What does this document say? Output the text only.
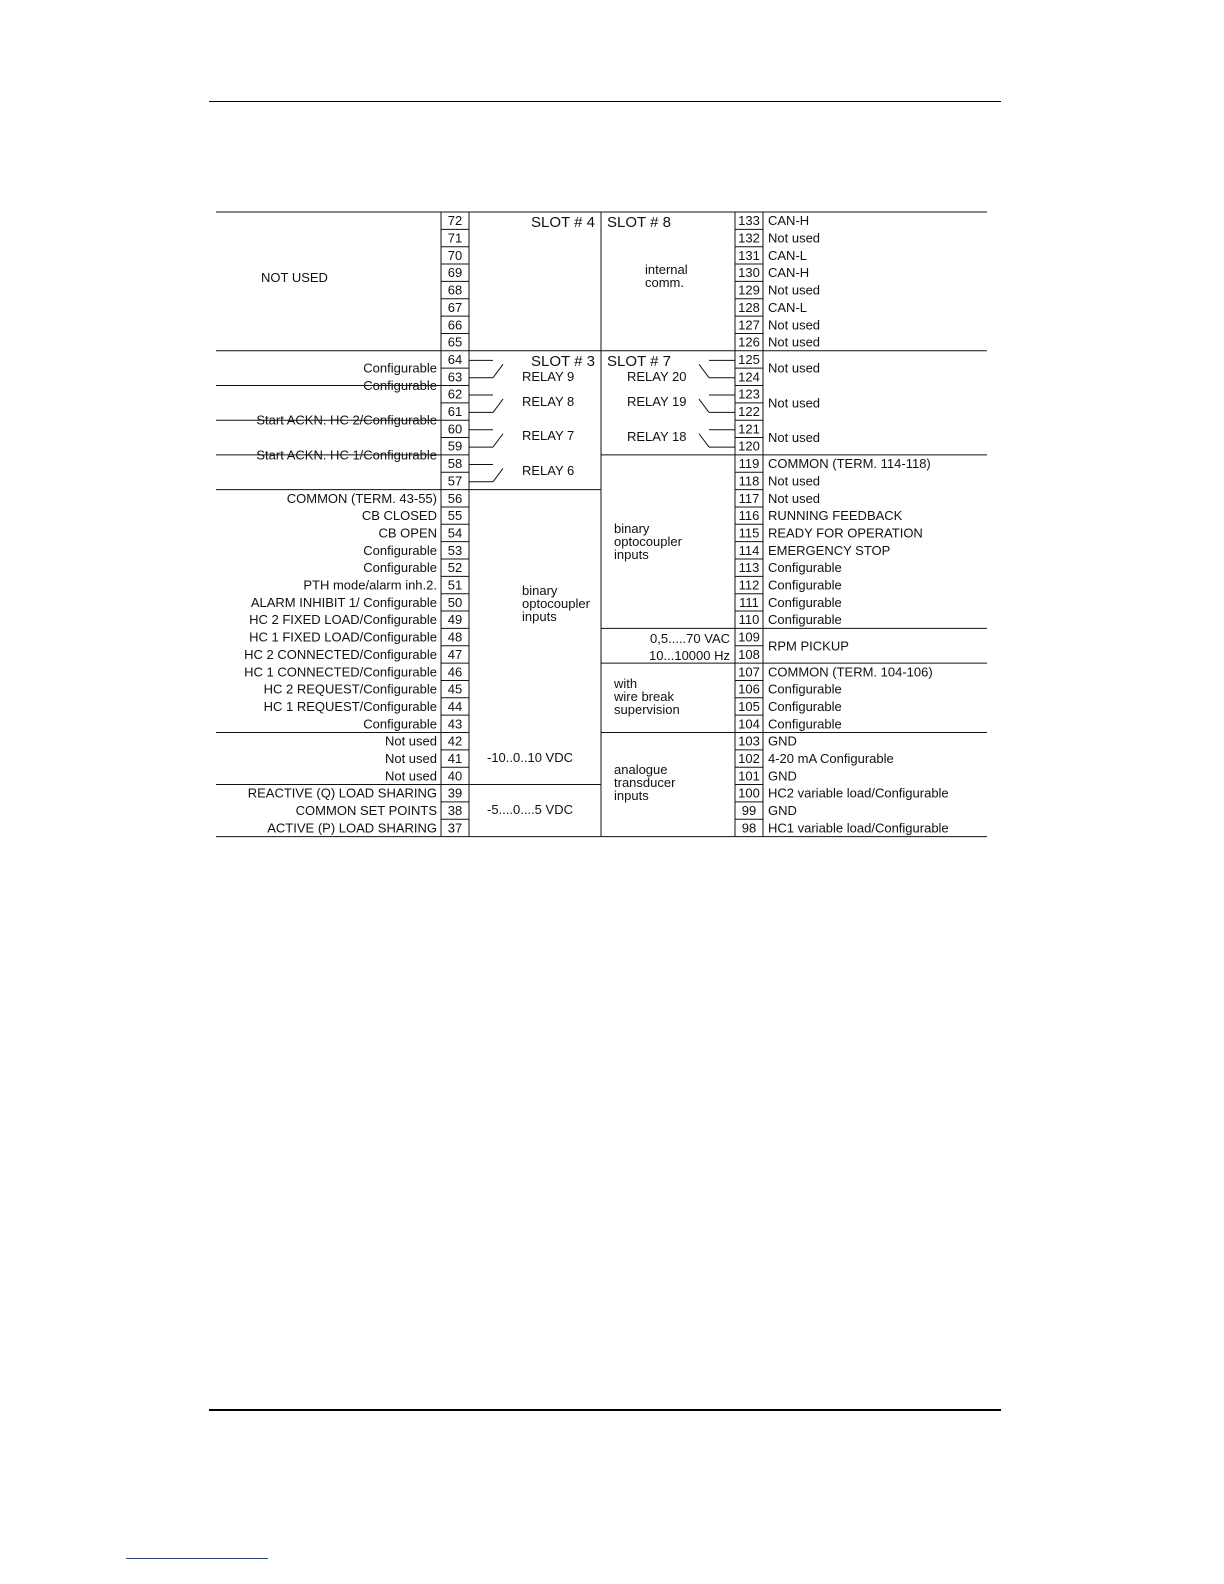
72
71
70
69
68
67
66
65
64
63
Configurable
62
Configurable
61
60
Start ACKN. HC 2/Configurable
59
58
Start ACKN. HC 1/Configurable
57
56
COMMON (TERM. 43-55)
55
CB CLOSED
54
CB OPEN
53
Configurable
52
Configurable
51
PTH mode/alarm inh.2.
50
ALARM INHIBIT 1/ Configurable
49
HC 2 FIXED LOAD/Configurable
48
HC 1 FIXED LOAD/Configurable
47
HC 2 CONNECTED/Configurable
46
HC 1 CONNECTED/Configurable
45
HC 2 REQUEST/Configurable
44
HC 1 REQUEST/Configurable
43
Configurable
42
Not used
41
Not used
40
Not used
39
REACTIVE (Q) LOAD SHARING
38
COMMON SET POINTS
37
ACTIVE (P) LOAD SHARING
133 CAN-H
132 Not used
131 CAN-L
130 CAN-H
129 Not used
128 CAN-L
127 Not used
126 Not used
125
Not used
124
123
Not used
122
121
Not used
120
119 COMMON (TERM. 114-118)
118 Not used
117 Not used
116 RUNNING FEEDBACK
115 READY FOR OPERATION
114 EMERGENCY STOP
113 Configurable
112 Configurable
111 Configurable
110 Configurable
109
RPM PICKUP
108
107 COMMON (TERM. 104-106)
106 Configurable
105 Configurable
104 Configurable
103 GND
102 4-20 mA Configurable
101 GND
100 HC2 variable load/Configurable
99 GND
98 HC1 variable load/Configurable
NOT USED
SLOT # 4 SLOT # 8
SLOT # 3 SLOT # 7
internal
comm.
RELAY 9
RELAY 8
RELAY 7
RELAY 6
RELAY 20
RELAY 19
RELAY 18
binary
optocoupler
inputs
binary
optocoupler
inputs
0,5.....70 VAC
10...10000 Hz
with
wire break
supervision
-10..0..10 VDC
-5....0....5 VDC
analogue
transducer
inputs
